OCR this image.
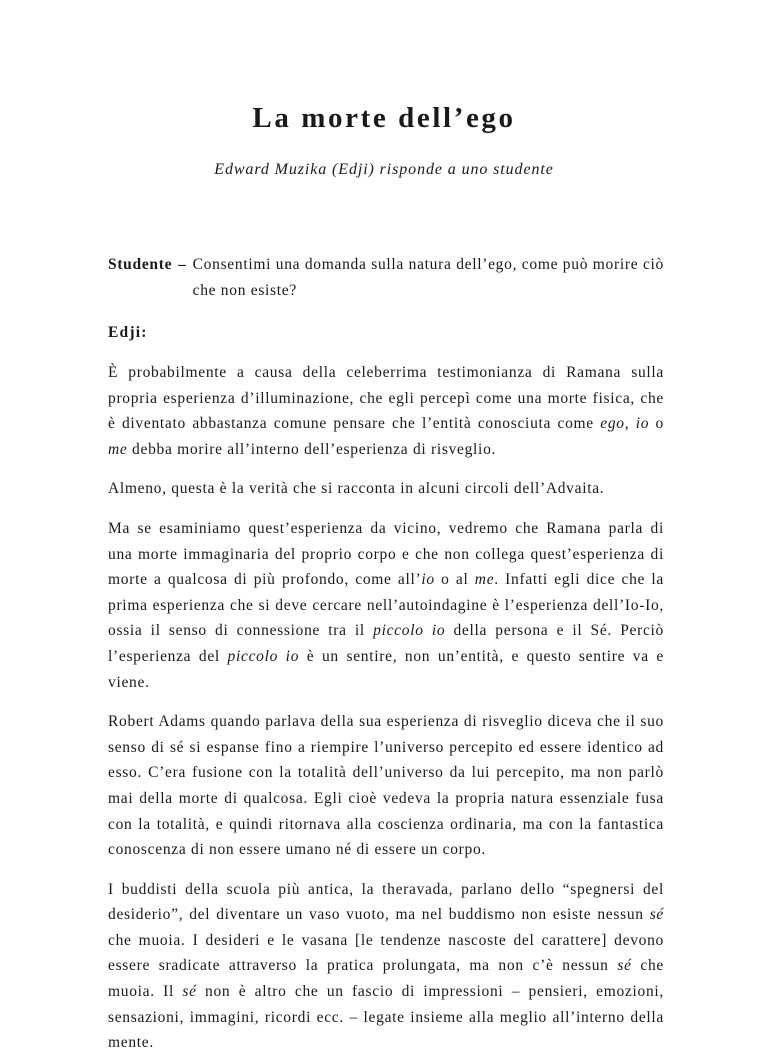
La morte dell’ego

Edward Muzika (Edji) risponde a uno studente

Studente – Consentimi una domanda sulla natura dell’ego, come può morire ciò che non esiste?
Edji:

È probabilmente a causa della celeberrima testimonianza di Ramana sulla propria esperienza d’illuminazione, che egli percepì come una morte fisica, che è diventato abbastanza comune pensare che l’entità conosciuta come ego, io o me debba morire all’interno dell’esperienza di risveglio.

Almeno, questa è la verità che si racconta in alcuni circoli dell’Advaita.

Ma se esaminiamo quest’esperienza da vicino, vedremo che Ramana parla di una morte immaginaria del proprio corpo e che non collega quest’esperienza di morte a qualcosa di più profondo, come all’io o al me. Infatti egli dice che la prima esperienza che si deve cercare nell’autoindagine è l’esperienza dell’Io-Io, ossia il senso di connessione tra il piccolo io della persona e il Sé. Perciò l’esperienza del piccolo io è un sentire, non un’entità, e questo sentire va e viene.

Robert Adams quando parlava della sua esperienza di risveglio diceva che il suo senso di sé si espanse fino a riempire l’universo percepito ed essere identico ad esso. C’era fusione con la totalità dell’universo da lui percepito, ma non parlò mai della morte di qualcosa. Egli cioè vedeva la propria natura essenziale fusa con la totalità, e quindi ritornava alla coscienza ordinaria, ma con la fantastica conoscenza di non essere umano né di essere un corpo.

I buddisti della scuola più antica, la theravada, parlano dello “spegnersi del desiderio”, del diventare un vaso vuoto, ma nel buddismo non esiste nessun sé che muoia. I desideri e le vasana [le tendenze nascoste del carattere] devono essere sradicate attraverso la pratica prolungata, ma non c’è nessun sé che muoia. Il sé non è altro che un fascio di impressioni – pensieri, emozioni, sensazioni, immagini, ricordi ecc. – legate insieme alla meglio all’interno della mente.
